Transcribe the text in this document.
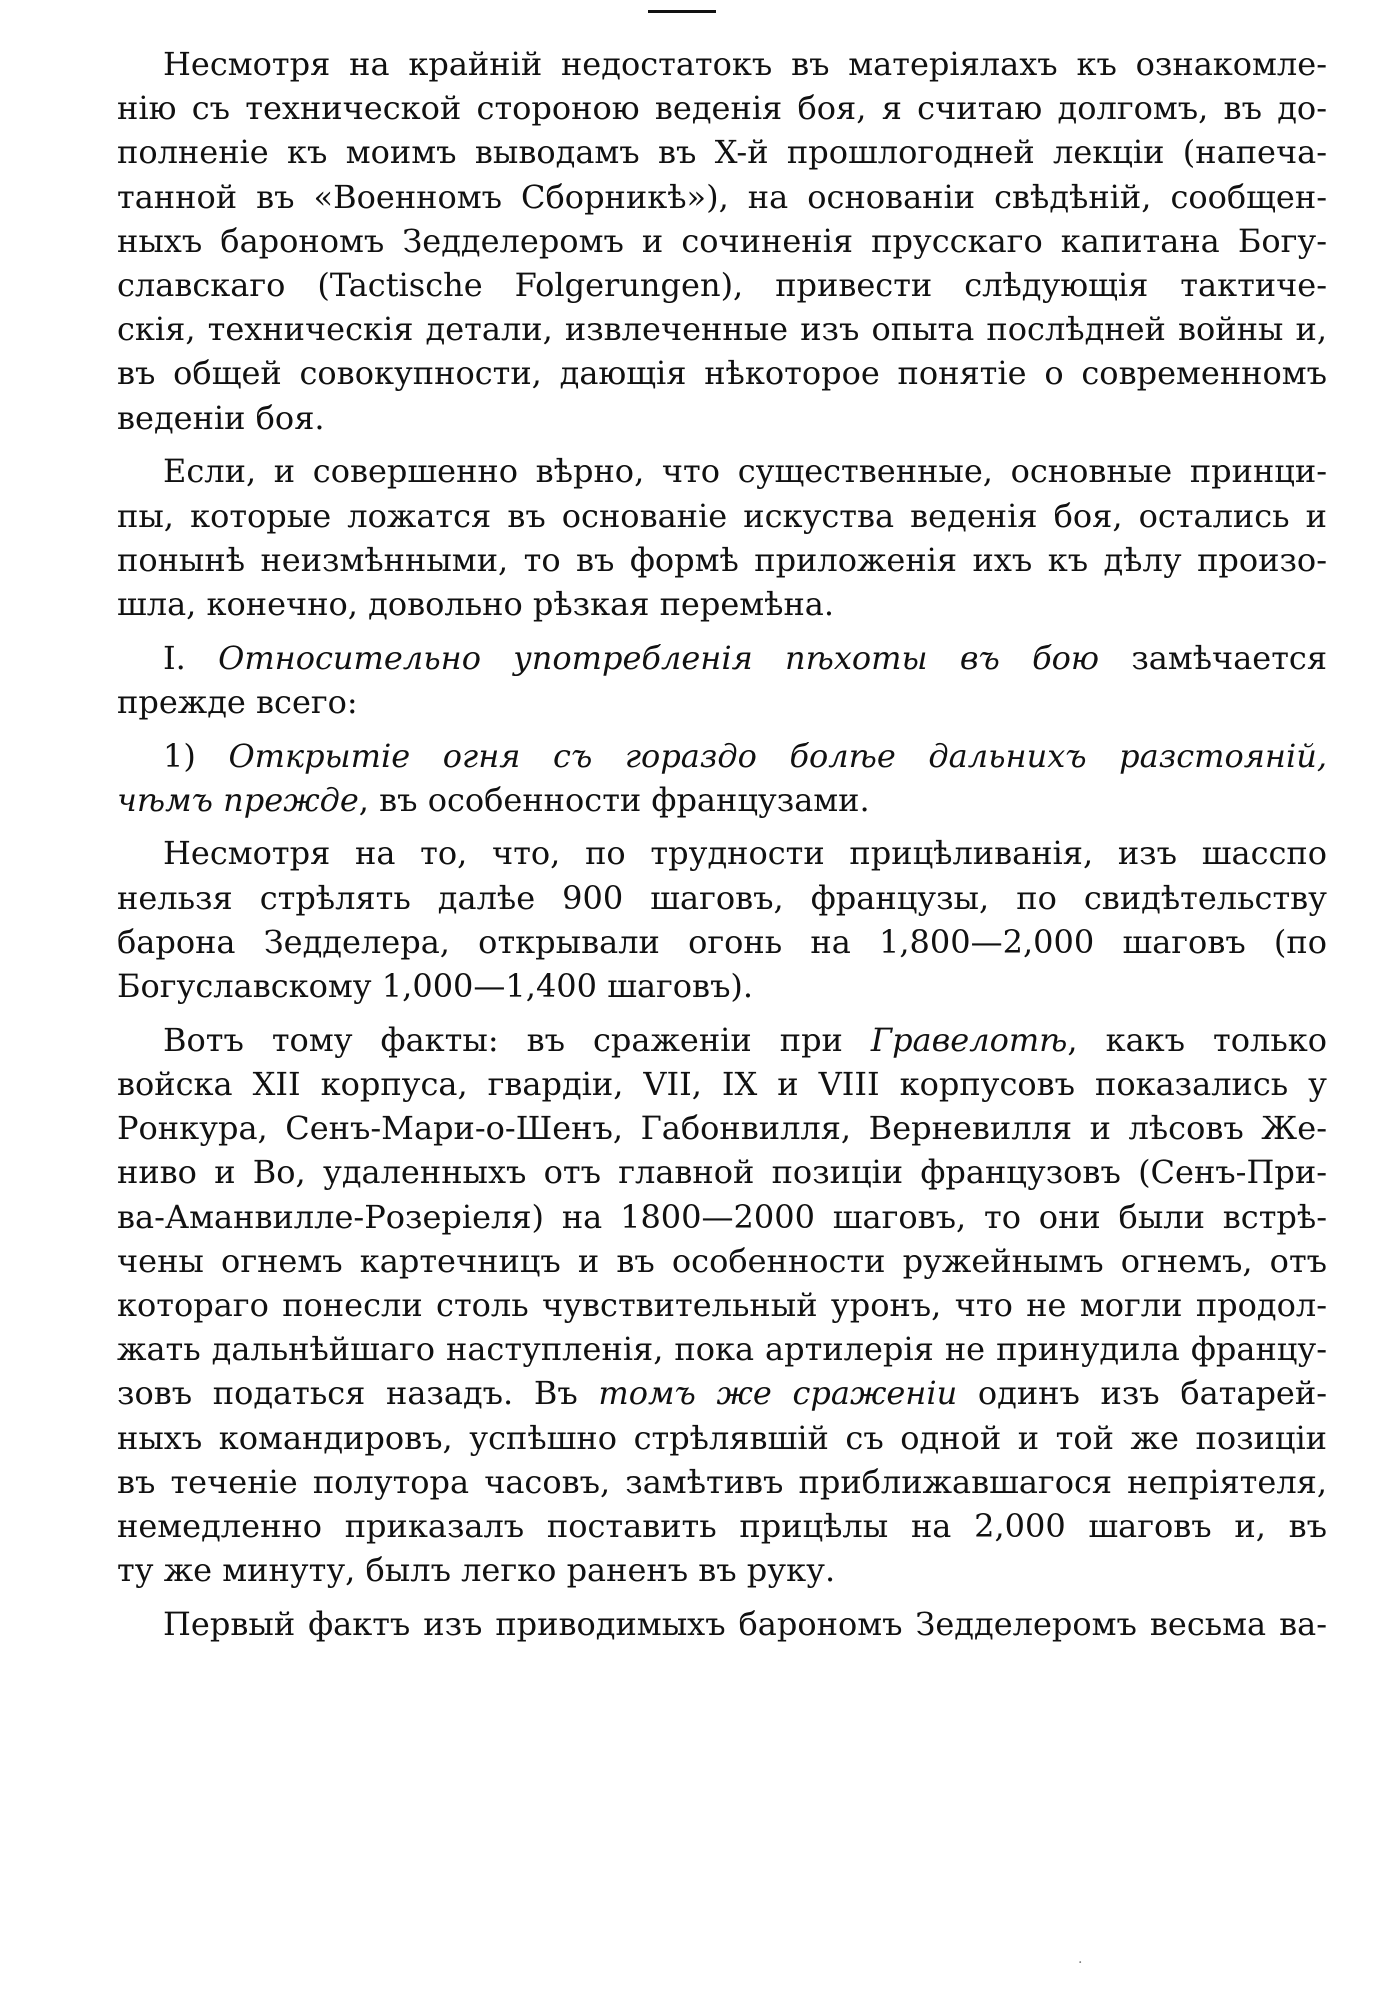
Несмотря на крайній недостатокъ въ матеріялахъ къ ознакомле-
нію съ технической стороною веденія боя, я считаю долгомъ, въ до-
полненіе къ моимъ выводамъ въ X-й прошлогодней лекціи (напеча-
танной въ «Военномъ Сборникѣ»), на основаніи свѣдѣній, сообщен-
ныхъ барономъ Зедделеромъ и сочиненія прусскаго капитана Богу-
славскаго (Tactische Folgerungen), привести слѣдующія тактиче-
скія, техническія детали, извлеченные изъ опыта послѣдней войны и,
въ общей совокупности, дающія нѣкоторое понятіе о современномъ
веденіи боя.

Если, и совершенно вѣрно, что существенные, основные принци-
пы, которые ложатся въ основаніе искуства веденія боя, остались и
понынѣ неизмѣнными, то въ формѣ приложенія ихъ къ дѣлу произо-
шла, конечно, довольно рѣзкая перемѣна.

I. Относительно употребленія пѣхоты въ бою замѣчается
прежде всего:

1) Открытіе огня съ гораздо болѣе дальнихъ разстояній,
чѣмъ прежде, въ особенности французами.

Несмотря на то, что, по трудности прицѣливанія, изъ шасспо
нельзя стрѣлять далѣе 900 шаговъ, французы, по свидѣтельству
барона Зедделера, открывали огонь на 1,800—2,000 шаговъ (по
Богуславскому 1,000—1,400 шаговъ).

Вотъ тому факты: въ сраженіи при Гравелотѣ, какъ только
войска XII корпуса, гвардіи, VII, IX и VIII корпусовъ показались у
Ронкура, Сенъ-Мари-о-Шенъ, Габонвилля, Верневилля и лѣсовъ Же-
ниво и Во, удаленныхъ отъ главной позиціи французовъ (Сенъ-При-
ва-Аманвилле-Розеріеля) на 1800—2000 шаговъ, то они были встрѣ-
чены огнемъ картечницъ и въ особенности ружейнымъ огнемъ, отъ
котораго понесли столь чувствительный уронъ, что не могли продол-
жать дальнѣйшаго наступленія, пока артилерія не принудила францу-
зовъ податься назадъ. Въ томъ же сраженіи одинъ изъ батарей-
ныхъ командировъ, успѣшно стрѣлявшій съ одной и той же позиціи
въ теченіе полутора часовъ, замѣтивъ приближавшагося непріятеля,
немедленно приказалъ поставить прицѣлы на 2,000 шаговъ и, въ
ту же минуту, былъ легко раненъ въ руку.

Первый фактъ изъ приводимыхъ барономъ Зедделеромъ весьма ва-

·
